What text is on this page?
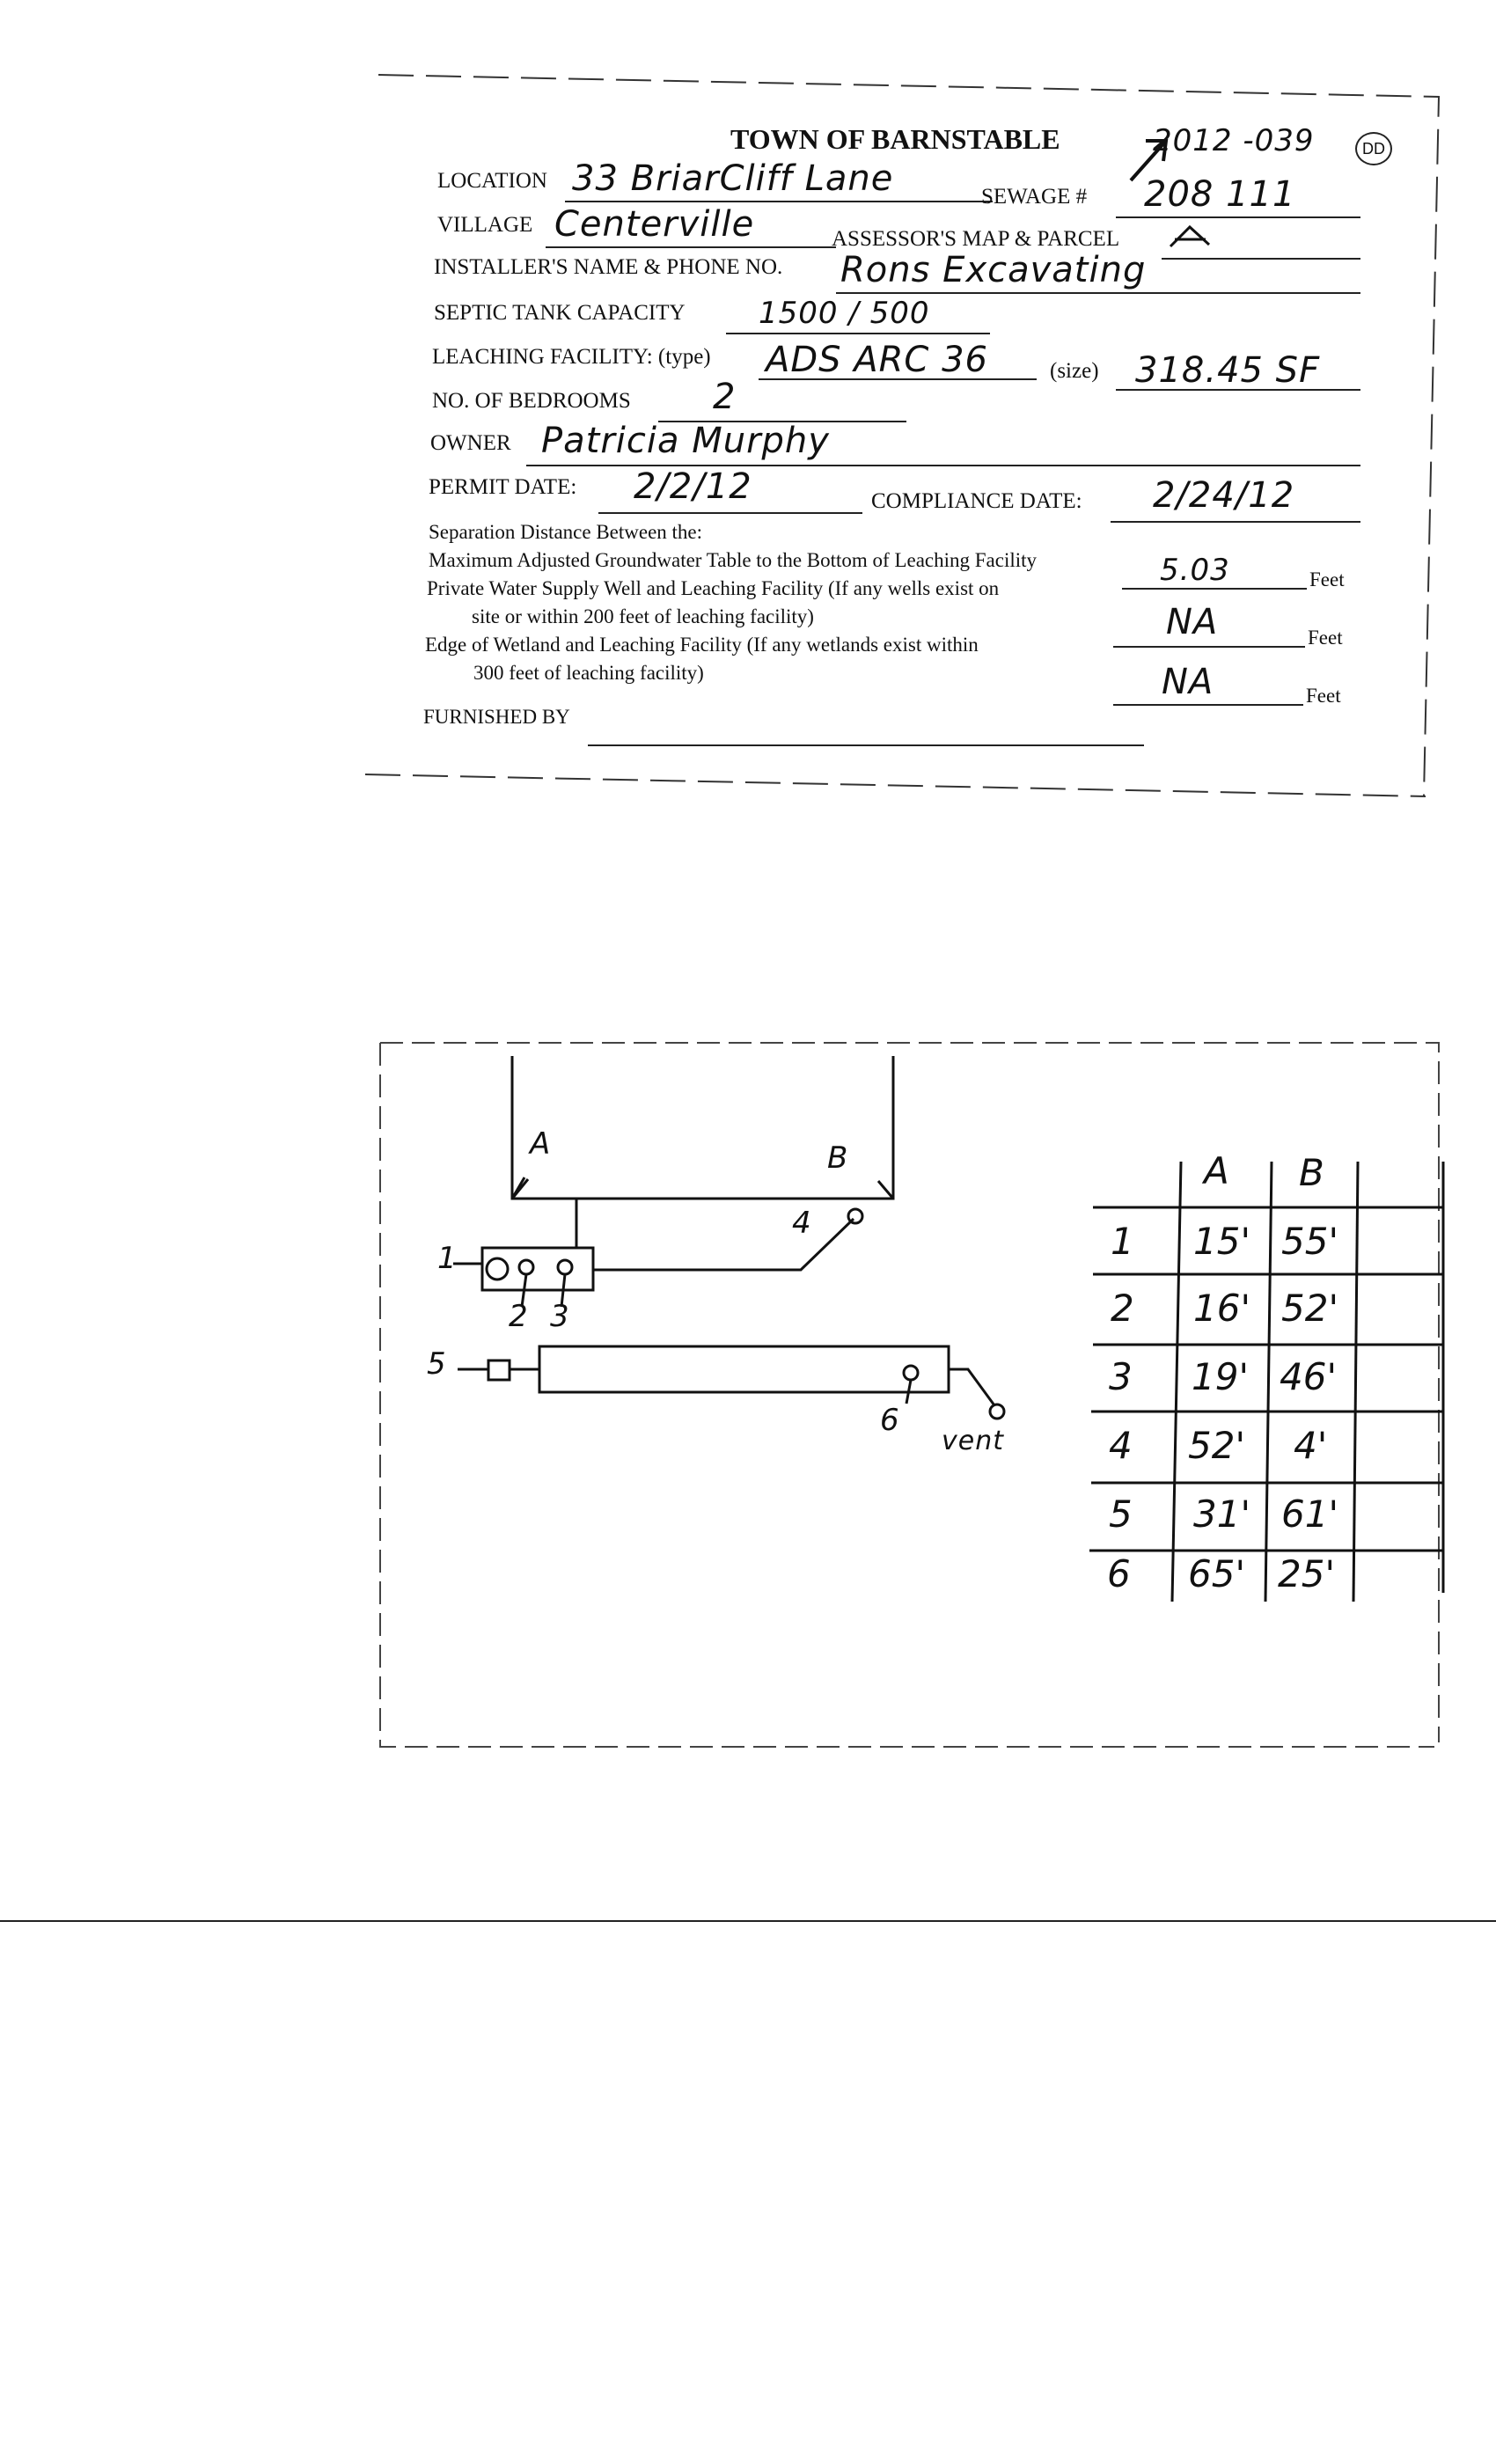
TOWN OF BARNSTABLE	2012 -039	DD
LOCATION 33 BriarCliff Lane	SEWAGE # 208 111
VILLAGE Centerville	ASSESSOR'S MAP & PARCEL
INSTALLER'S NAME & PHONE NO. Rons Excavating
SEPTIC TANK CAPACITY 1500 / 500
LEACHING FACILITY: (type) ADS ARC 36	(size) 318.45 SF
NO. OF BEDROOMS 2
OWNER Patricia Murphy
PERMIT DATE: 2/2/12	COMPLIANCE DATE: 2/24/12
Separation Distance Between the:
Maximum Adjusted Groundwater Table to the Bottom of Leaching Facility	5.03	Feet
Private Water Supply Well and Leaching Facility (If any wells exist on
site or within 200 feet of leaching facility)	NA	Feet
Edge of Wetland and Leaching Facility (If any wetlands exist within
300 feet of leaching facility)	NA	Feet
FURNISHED BY
A	B
1
2 3
4
5
6
vent
A B
1 15' 55'
2 16' 52'
3 19' 46'
4 52' 4'
5 31' 61'
6 65' 25'
